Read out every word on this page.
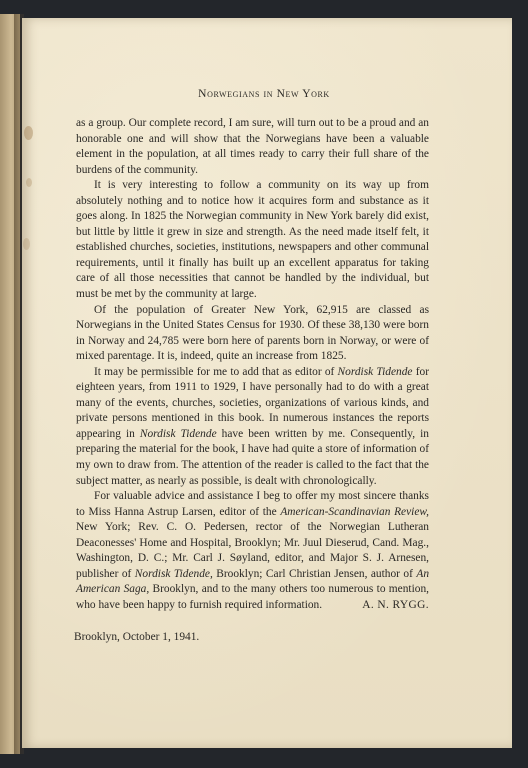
Norwegians in New York

as a group. Our complete record, I am sure, will turn out to be a proud and an honorable one and will show that the Norwegians have been a valuable element in the population, at all times ready to carry their full share of the burdens of the community.

It is very interesting to follow a community on its way up from absolutely nothing and to notice how it acquires form and substance as it goes along. In 1825 the Norwegian community in New York barely did exist, but little by little it grew in size and strength. As the need made itself felt, it established churches, societies, institutions, newspapers and other communal requirements, until it finally has built up an excellent apparatus for taking care of all those necessities that cannot be handled by the individual, but must be met by the community at large.

Of the population of Greater New York, 62,915 are classed as Norwegians in the United States Census for 1930. Of these 38,130 were born in Norway and 24,785 were born here of parents born in Norway, or were of mixed parentage. It is, indeed, quite an increase from 1825.

It may be permissible for me to add that as editor of Nordisk Tidende for eighteen years, from 1911 to 1929, I have personally had to do with a great many of the events, churches, societies, organizations of various kinds, and private persons mentioned in this book. In numerous instances the reports appearing in Nordisk Tidende have been written by me. Consequently, in preparing the material for the book, I have had quite a store of information of my own to draw from. The attention of the reader is called to the fact that the subject matter, as nearly as possible, is dealt with chronologically.

For valuable advice and assistance I beg to offer my most sincere thanks to Miss Hanna Astrup Larsen, editor of the American-Scandinavian Review, New York; Rev. C. O. Pedersen, rector of the Norwegian Lutheran Deaconesses' Home and Hospital, Brooklyn; Mr. Juul Dieserud, Cand. Mag., Washington, D. C.; Mr. Carl J. Søyland, editor, and Major S. J. Arnesen, publisher of Nordisk Tidende, Brooklyn; Carl Christian Jensen, author of An American Saga, Brooklyn, and to the many others too numerous to mention, who have been happy to furnish required information.	A. N. RYGG.
Brooklyn, October 1, 1941.
